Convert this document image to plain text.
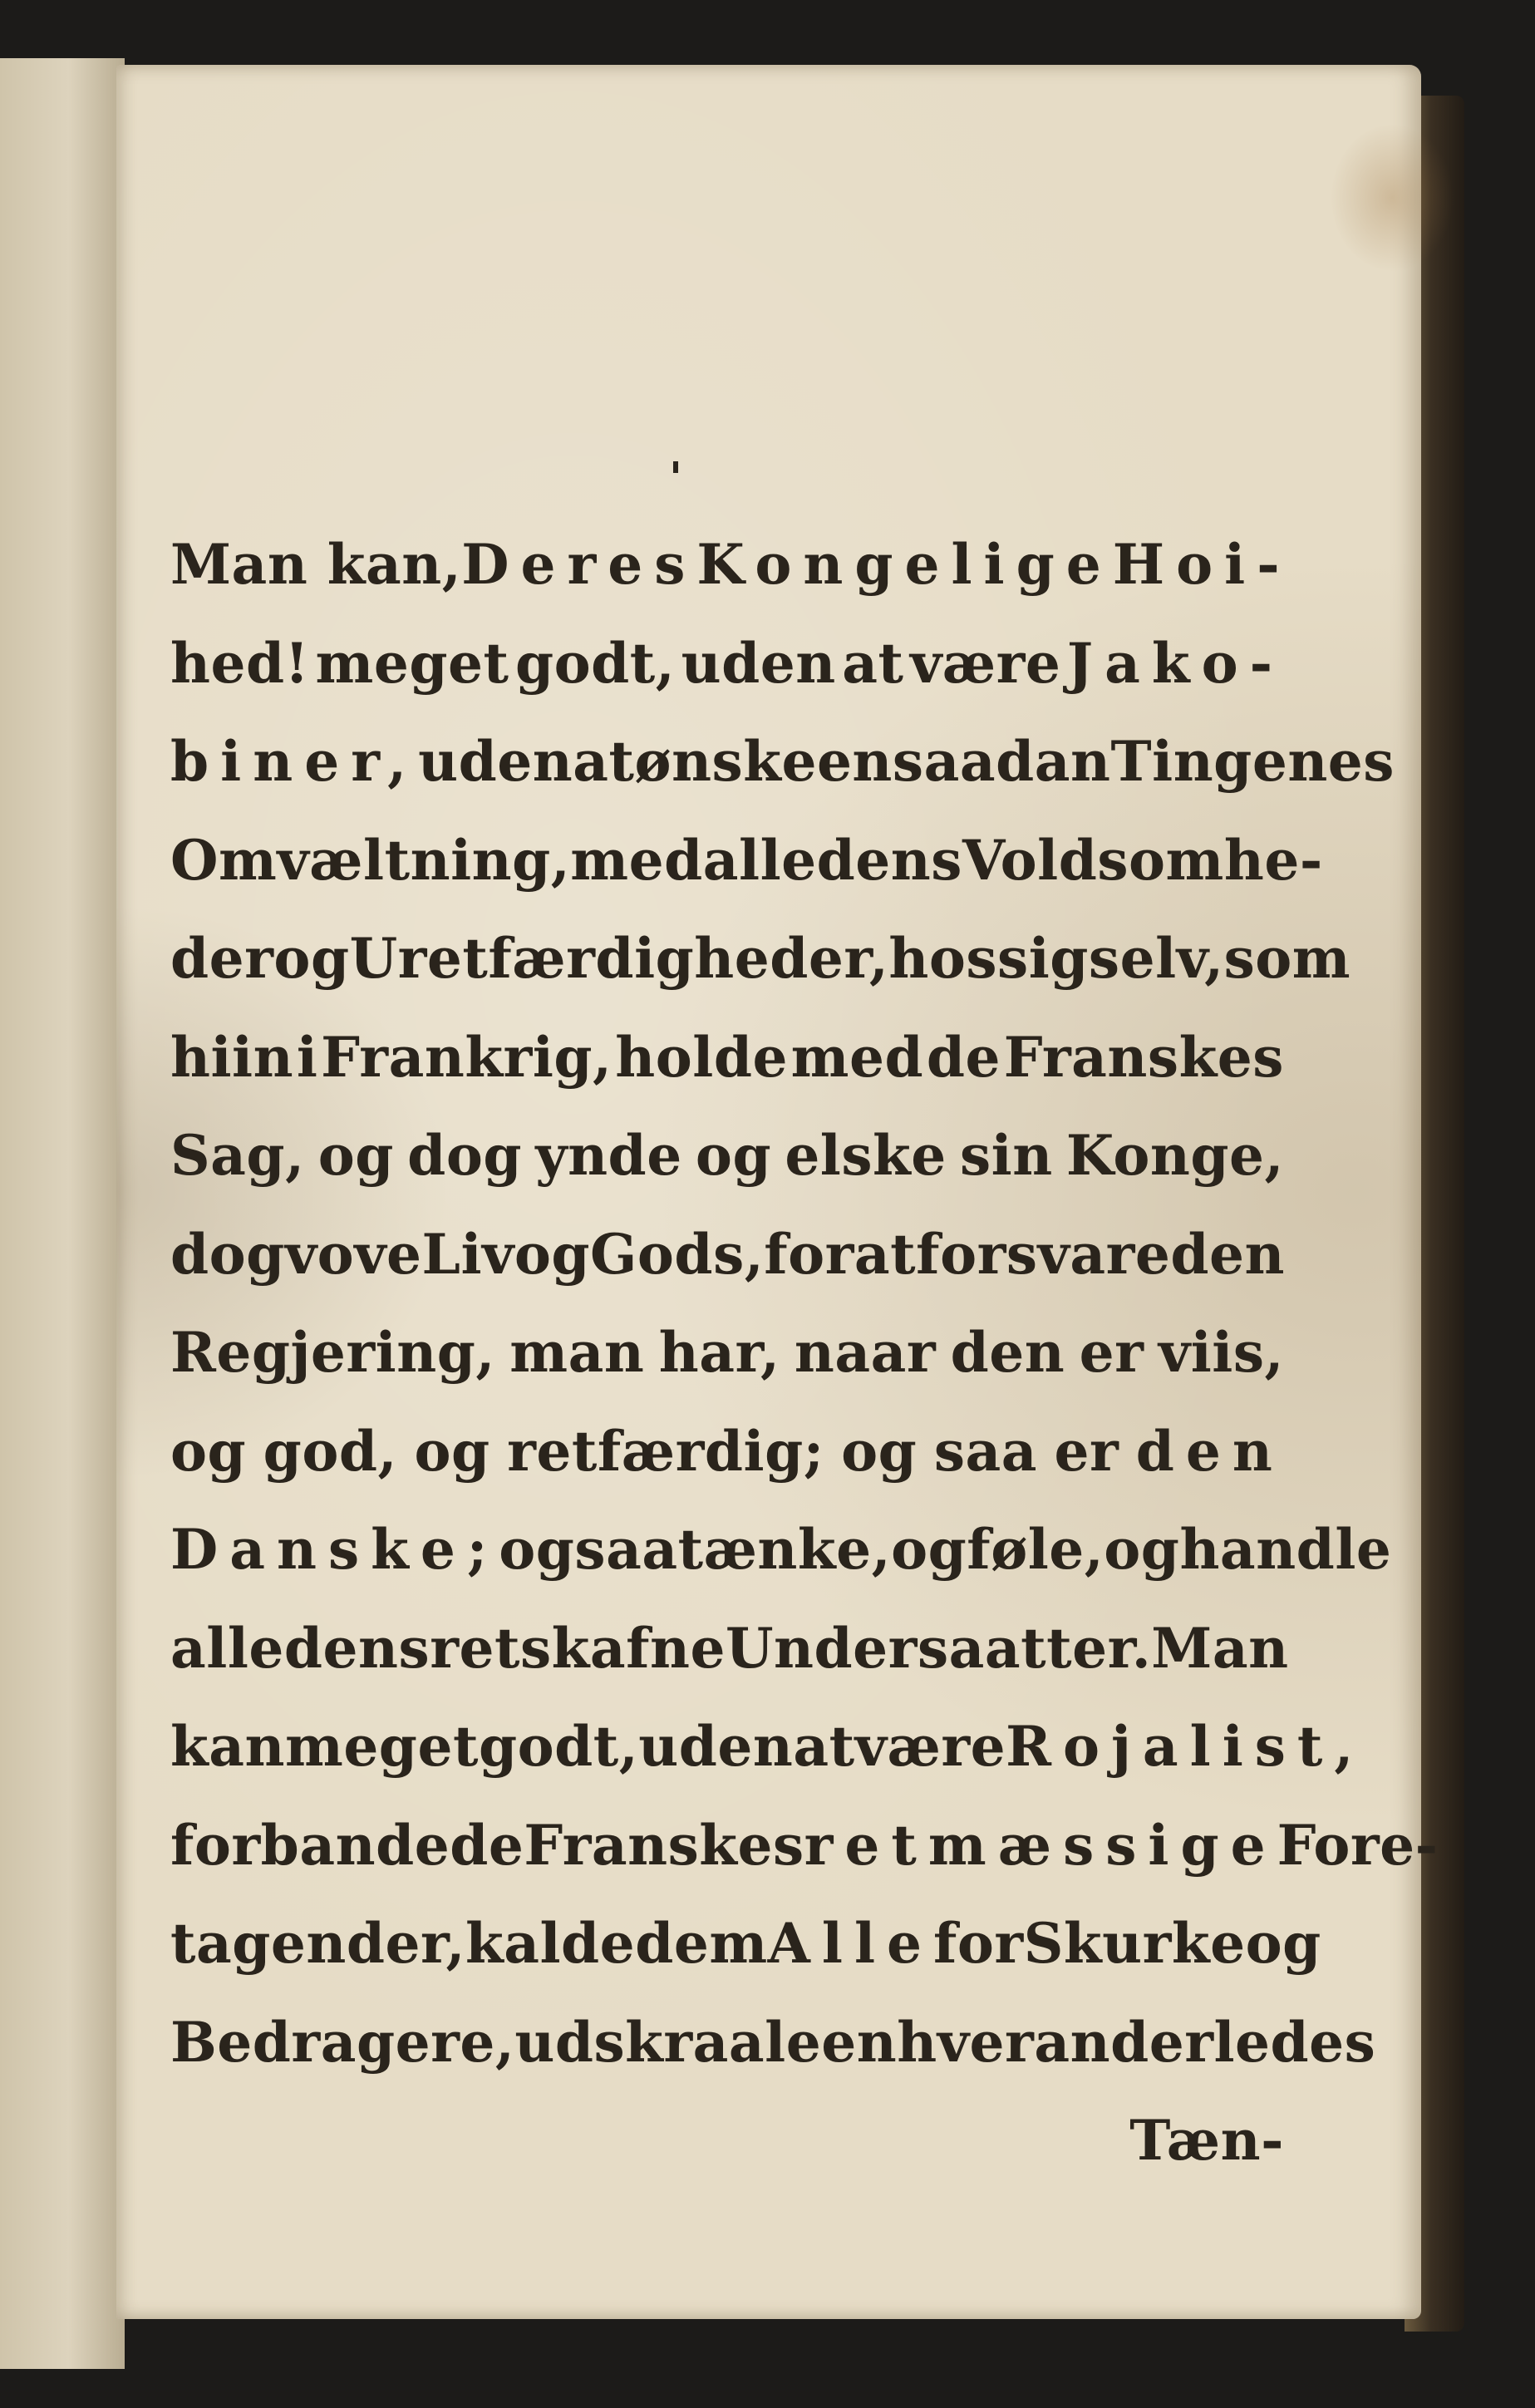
Man kan, Deres Kongelige Hoi-
hed! meget godt, uden at være Jako-
biner, uden at ønske en saadan Tingenes
Omvæltning, med alle dens Voldsomhe-
der og Uretfærdigheder, hos sig selv, som
hiin i Frankrig, holde med de Franskes
Sag, og dog ynde og elske sin Konge,
dog vove Liv og Gods, for at forsvare den
Regjering, man har, naar den er viis,
og god, og retfærdig; og saa er den
Danske; og saa tænke, og føle, og handle
alle dens retskafne Undersaatter. Man
kan meget godt, uden at være Rojalist,
forbande de Franskes retmæssige Fore-
tagender, kalde dem Alle for Skurke og
Bedragere, udskraale enhver anderledes
Tæn-
